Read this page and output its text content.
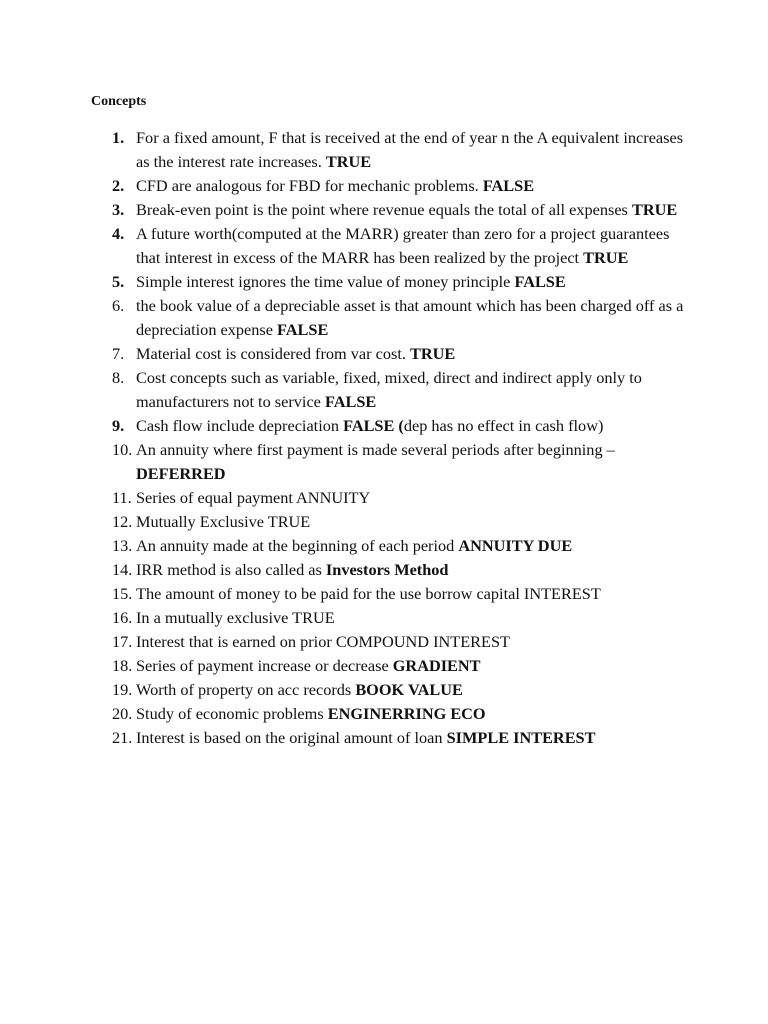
Concepts
1. For a fixed amount, F that is received at the end of year n the A equivalent increases as the interest rate increases. TRUE
2. CFD are analogous for FBD for mechanic problems. FALSE
3. Break-even point is the point where revenue equals the total of all expenses TRUE
4. A future worth(computed at the MARR) greater than zero for a project guarantees that interest in excess of the MARR has been realized by the project TRUE
5. Simple interest ignores the time value of money principle FALSE
6. the book value of a depreciable asset is that amount which has been charged off as a depreciation expense FALSE
7. Material cost is considered from var cost. TRUE
8. Cost concepts such as variable, fixed, mixed, direct and indirect apply only to manufacturers not to service FALSE
9. Cash flow include depreciation FALSE (dep has no effect in cash flow)
10. An annuity where first payment is made several periods after beginning – DEFERRED
11. Series of equal payment ANNUITY
12. Mutually Exclusive TRUE
13. An annuity made at the beginning of each period ANNUITY DUE
14. IRR method is also called as Investors Method
15. The amount of money to be paid for the use borrow capital INTEREST
16. In a mutually exclusive TRUE
17. Interest that is earned on prior COMPOUND INTEREST
18. Series of payment increase or decrease GRADIENT
19. Worth of property on acc records BOOK VALUE
20. Study of economic problems ENGINERRING ECO
21. Interest is based on the original amount of loan SIMPLE INTEREST
